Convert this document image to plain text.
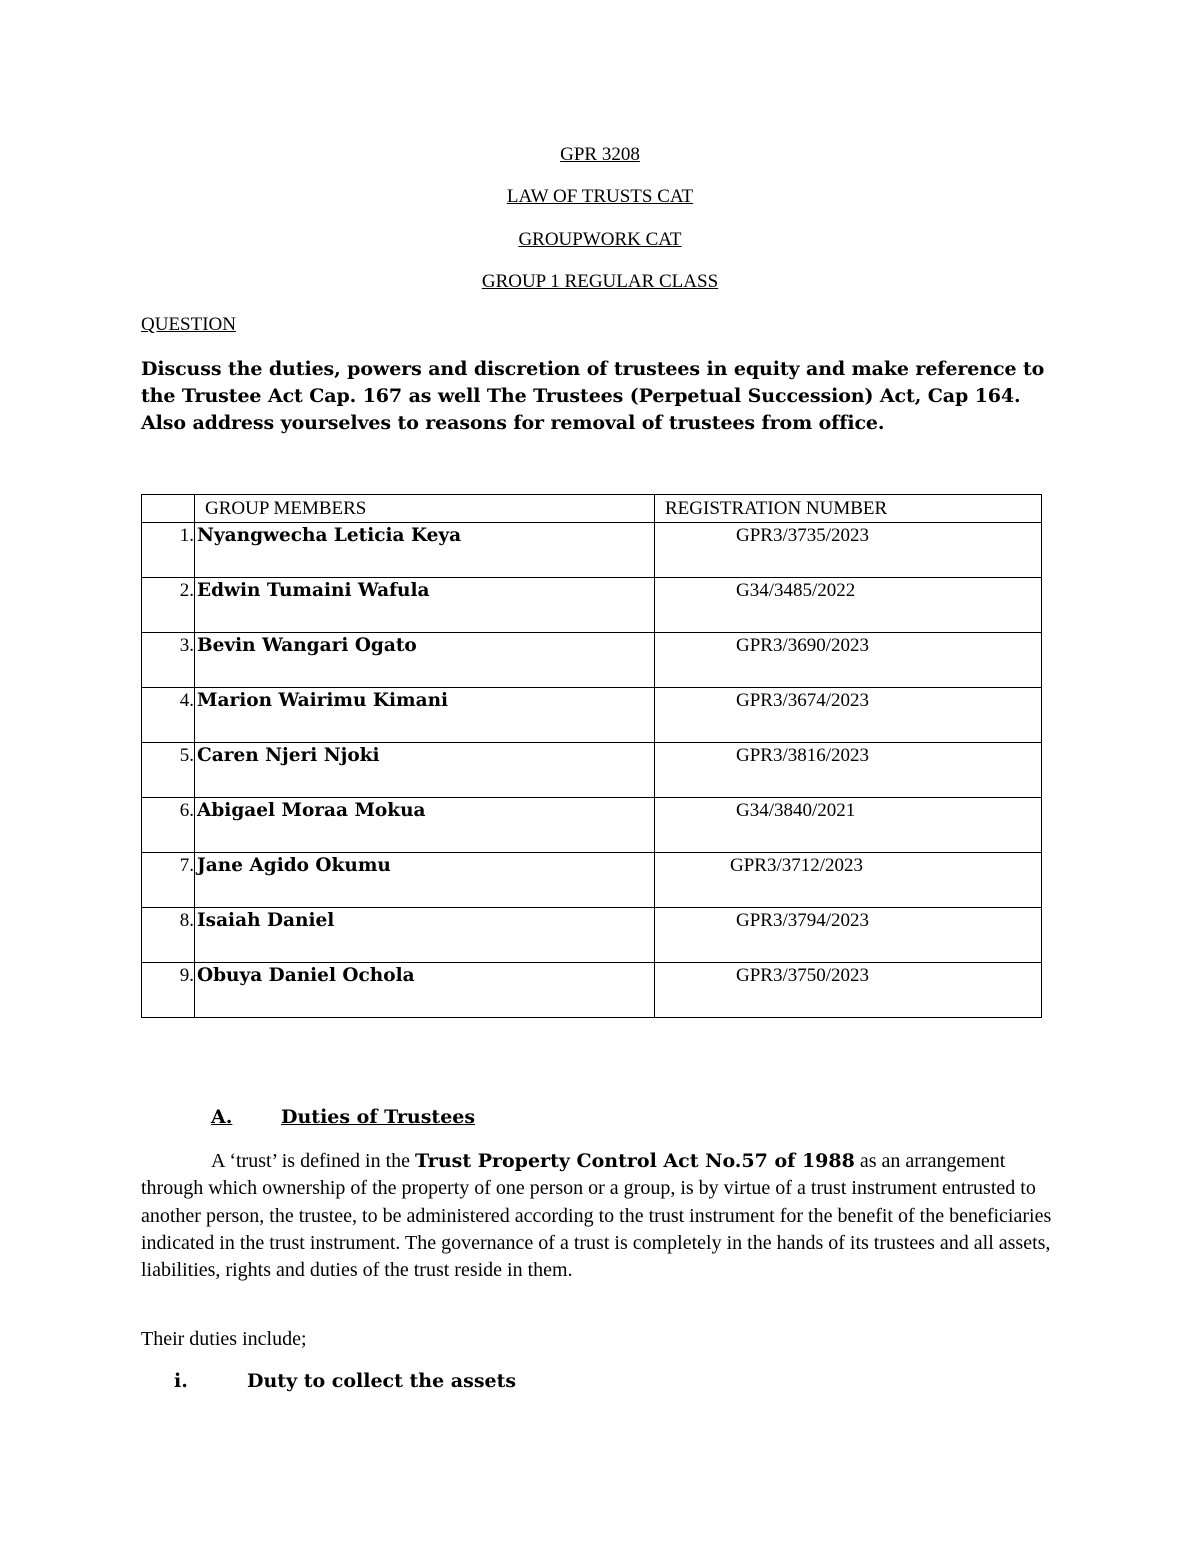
GPR 3208
LAW OF TRUSTS CAT
GROUPWORK CAT
GROUP 1 REGULAR CLASS
QUESTION
Discuss the duties, powers and discretion of trustees in equity and make reference to the Trustee Act Cap. 167 as well The Trustees (Perpetual Succession) Act, Cap 164. Also address yourselves to reasons for removal of trustees from office.
	GROUP MEMBERS	REGISTRATION NUMBER
1.	Nyangwecha Leticia Keya	GPR3/3735/2023
2.	Edwin Tumaini Wafula	G34/3485/2022
3.	Bevin Wangari Ogato	GPR3/3690/2023
4.	Marion Wairimu Kimani	GPR3/3674/2023
5.	Caren Njeri Njoki	GPR3/3816/2023
6.	Abigael Moraa Mokua	G34/3840/2021
7.	Jane Agido Okumu	GPR3/3712/2023
8.	Isaiah Daniel	GPR3/3794/2023
9.	Obuya Daniel Ochola	GPR3/3750/2023
A.	Duties of Trustees
A ‘trust’ is defined in the Trust Property Control Act No.57 of 1988 as an arrangement through which ownership of the property of one person or a group, is by virtue of a trust instrument entrusted to another person, the trustee, to be administered according to the trust instrument for the benefit of the beneficiaries indicated in the trust instrument. The governance of a trust is completely in the hands of its trustees and all assets, liabilities, rights and duties of the trust reside in them.
Their duties include;
i.	Duty to collect the assets
